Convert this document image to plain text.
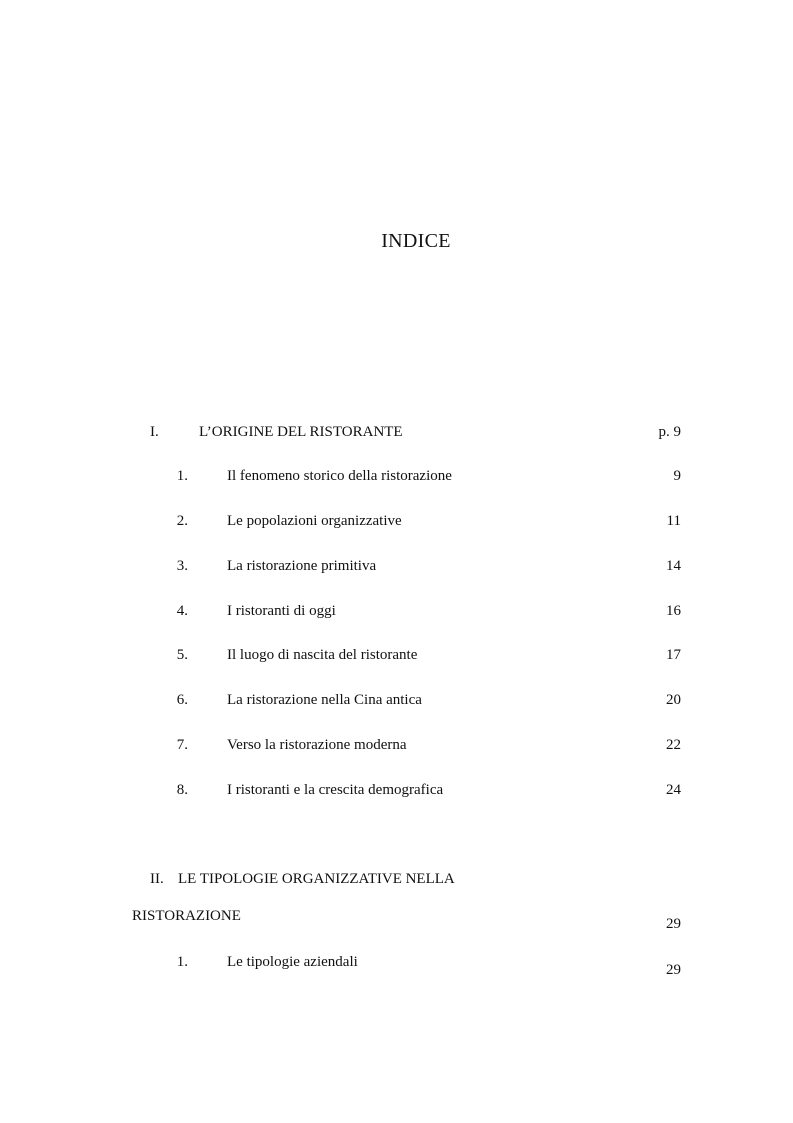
INDICE
I.	L’ORIGINE DEL RISTORANTE	p. 9
1.	Il fenomeno storico della ristorazione	9
2.	Le popolazioni organizzative	11
3.	La ristorazione primitiva	14
4.	I ristoranti di oggi	16
5.	Il luogo di nascita del ristorante	17
6.	La ristorazione nella Cina antica	20
7.	Verso la ristorazione moderna	22
8.	I ristoranti e la crescita demografica	24
II. LE TIPOLOGIE ORGANIZZATIVE NELLA
RISTORAZIONE	29
1.	Le tipologie aziendali	29
